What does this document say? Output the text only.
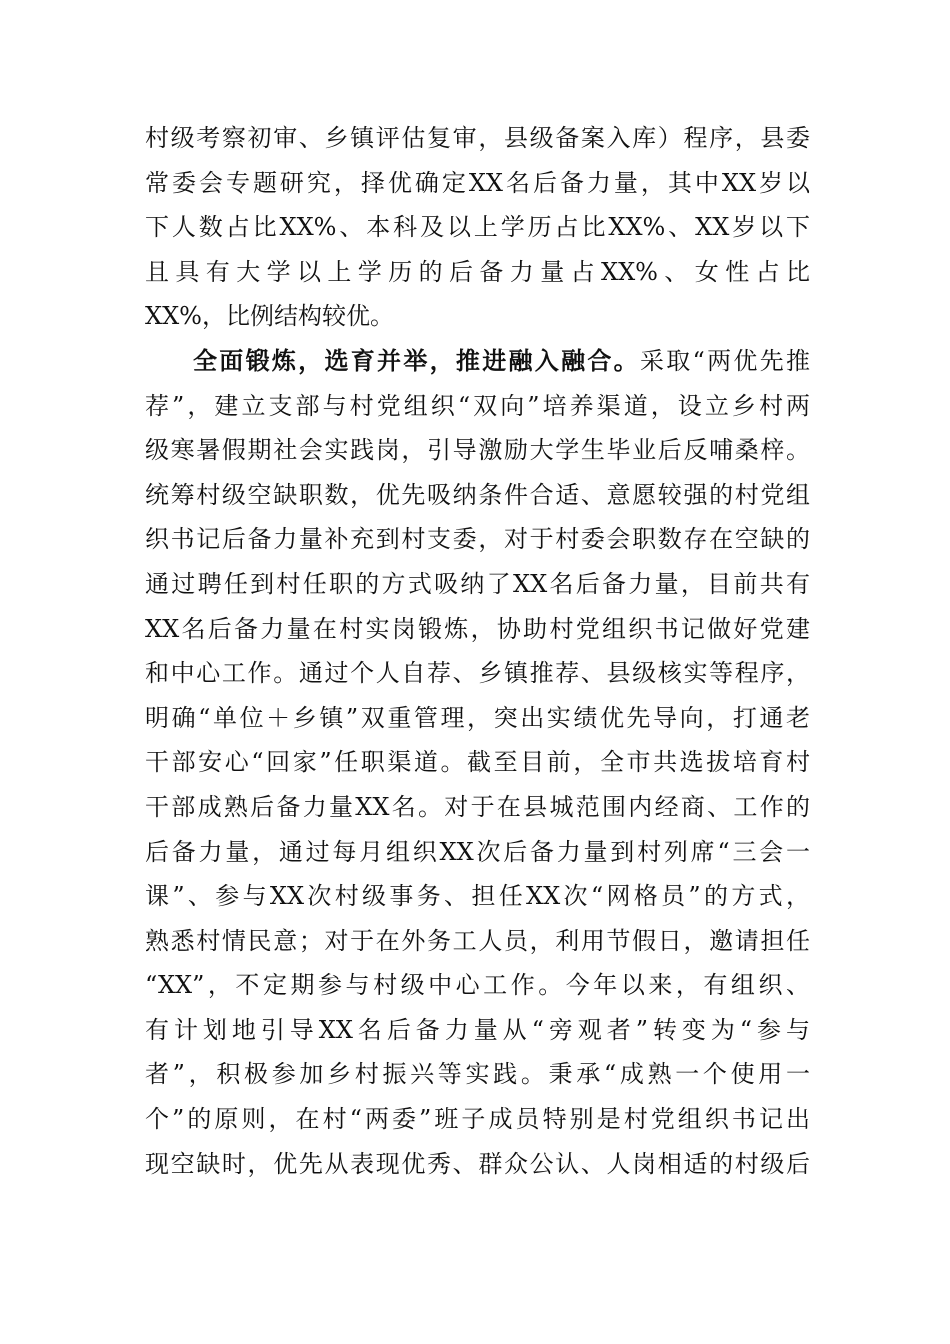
村级考察初审、乡镇评估复审，县级备案入库）程序，县委
常委会专题研究，择优确定XX名后备力量，其中XX岁以
下人数占比XX%、本科及以上学历占比XX%、XX岁以下
且具有大学以上学历的后备力量占XX%、女性占比
XX%，比例结构较优。
全面锻炼，选育并举，推进融入融合。采取“两优先推
荐”，建立支部与村党组织“双向”培养渠道，设立乡村两
级寒暑假期社会实践岗，引导激励大学生毕业后反哺桑梓。
统筹村级空缺职数，优先吸纳条件合适、意愿较强的村党组
织书记后备力量补充到村支委，对于村委会职数存在空缺的
通过聘任到村任职的方式吸纳了XX名后备力量，目前共有
XX名后备力量在村实岗锻炼，协助村党组织书记做好党建
和中心工作。通过个人自荐、乡镇推荐、县级核实等程序，
明确“单位＋乡镇”双重管理，突出实绩优先导向，打通老
干部安心“回家”任职渠道。截至目前，全市共选拔培育村
干部成熟后备力量XX名。对于在县城范围内经商、工作的
后备力量，通过每月组织XX次后备力量到村列席“三会一
课”、参与XX次村级事务、担任XX次“网格员”的方式，
熟悉村情民意；对于在外务工人员，利用节假日，邀请担任
“XX”，不定期参与村级中心工作。今年以来，有组织、
有计划地引导XX名后备力量从“旁观者”转变为“参与
者”，积极参加乡村振兴等实践。秉承“成熟一个使用一
个”的原则，在村“两委”班子成员特别是村党组织书记出
现空缺时，优先从表现优秀、群众公认、人岗相适的村级后
